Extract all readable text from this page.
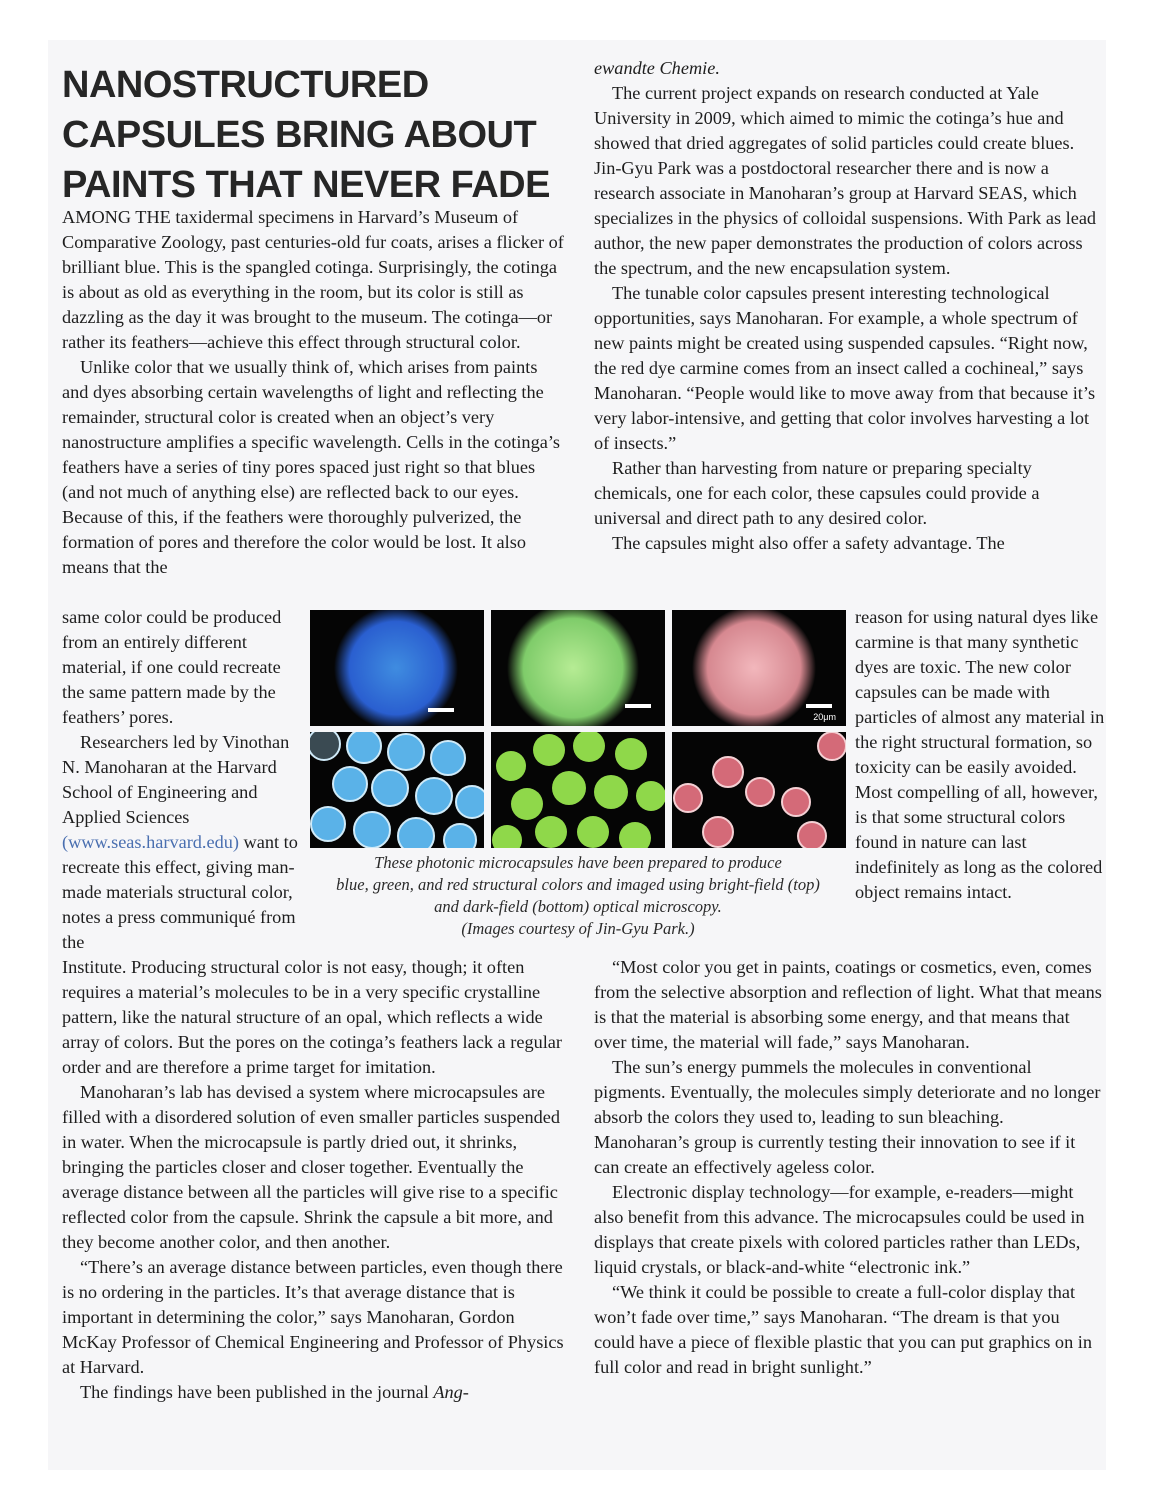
NANOSTRUCTURED CAPSULES BRING ABOUT PAINTS THAT NEVER FADE

AMONG THE taxidermal specimens in Harvard’s Museum of Comparative Zoology, past centuries-old fur coats, arises a flicker of brilliant blue. This is the spangled cotinga. Surprisingly, the cotinga is about as old as everything in the room, but its color is still as dazzling as the day it was brought to the museum. The cotinga—or rather its feathers—achieve this effect through structural color.

Unlike color that we usually think of, which arises from paints and dyes absorbing certain wavelengths of light and reflecting the remainder, structural color is created when an object’s very nanostructure amplifies a specific wavelength. Cells in the cotinga’s feathers have a series of tiny pores spaced just right so that blues (and not much of anything else) are reflected back to our eyes. Because of this, if the feathers were thoroughly pulverized, the formation of pores and therefore the color would be lost. It also means that the

same color could be produced from an entirely different material, if one could recreate the same pattern made by the feathers’ pores.

Researchers led by Vinothan N. Manoharan at the Harvard School of Engineering and Applied Sciences (www.seas.harvard.edu) want to recreate this effect, giving man-made materials structural color, notes a press communiqué from the

Institute. Producing structural color is not easy, though; it often requires a material’s molecules to be in a very specific crystalline pattern, like the natural structure of an opal, which reflects a wide array of colors. But the pores on the cotinga’s feathers lack a regular order and are therefore a prime target for imitation.

Manoharan’s lab has devised a system where microcapsules are filled with a disordered solution of even smaller particles suspended in water. When the microcapsule is partly dried out, it shrinks, bringing the particles closer and closer together. Eventually the average distance between all the particles will give rise to a specific reflected color from the capsule. Shrink the capsule a bit more, and they become another color, and then another.

“There’s an average distance between particles, even though there is no ordering in the particles. It’s that average distance that is important in determining the color,” says Manoharan, Gordon McKay Professor of Chemical Engineering and Professor of Physics at Harvard.

The findings have been published in the journal Ang-

ewandte Chemie.

The current project expands on research conducted at Yale University in 2009, which aimed to mimic the cotinga’s hue and showed that dried aggregates of solid particles could create blues. Jin-Gyu Park was a postdoctoral researcher there and is now a research associate in Manoharan’s group at Harvard SEAS, which specializes in the physics of colloidal suspensions. With Park as lead author, the new paper demonstrates the production of colors across the spectrum, and the new encapsulation system.

The tunable color capsules present interesting technological opportunities, says Manoharan. For example, a whole spectrum of new paints might be created using suspended capsules. “Right now, the red dye carmine comes from an insect called a cochineal,” says Manoharan. “People would like to move away from that because it’s very labor-intensive, and getting that color involves harvesting a lot of insects.”

Rather than harvesting from nature or preparing specialty chemicals, one for each color, these capsules could provide a universal and direct path to any desired color.

The capsules might also offer a safety advantage. The

reason for using natural dyes like carmine is that many synthetic dyes are toxic. The new color capsules can be made with particles of almost any material in the right structural formation, so toxicity can be easily avoided. Most compelling of all, however, is that some structural colors found in nature can last indefinitely as long as the colored object remains intact.

“Most color you get in paints, coatings or cosmetics, even, comes from the selective absorption and reflection of light. What that means is that the material is absorbing some energy, and that means that over time, the material will fade,” says Manoharan.

The sun’s energy pummels the molecules in conventional pigments. Eventually, the molecules simply deteriorate and no longer absorb the colors they used to, leading to sun bleaching. Manoharan’s group is currently testing their innovation to see if it can create an effectively ageless color.

Electronic display technology—for example, e-readers—might also benefit from this advance. The microcapsules could be used in displays that create pixels with colored particles rather than LEDs, liquid crystals, or black-and-white “electronic ink.”

“We think it could be possible to create a full-color display that won’t fade over time,” says Manoharan. “The dream is that you could have a piece of flexible plastic that you can put graphics on in full color and read in bright sunlight.”

20μm
These photonic microcapsules have been prepared to produce
blue, green, and red structural colors and imaged using bright-field (top)
and dark-field (bottom) optical microscopy.
(Images courtesy of Jin-Gyu Park.)
